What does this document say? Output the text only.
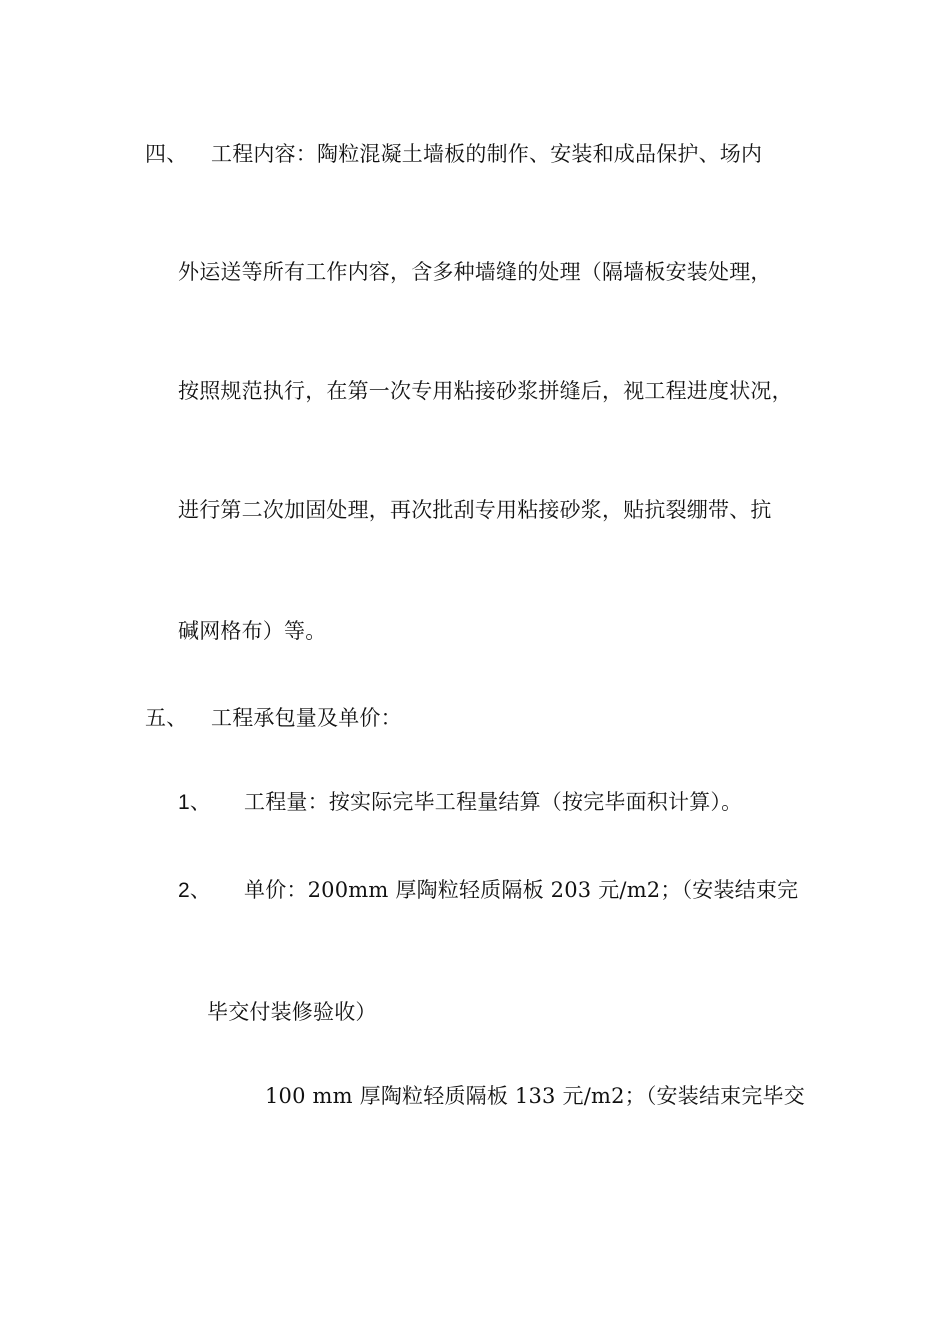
四、 工程内容：陶粒混凝土墙板的制作、安装和成品保护、场内
外运送等所有工作内容，含多种墙缝的处理（隔墙板安装处理，
按照规范执行，在第一次专用粘接砂浆拼缝后，视工程进度状况，
进行第二次加固处理，再次批刮专用粘接砂浆，贴抗裂绷带、抗
碱网格布）等。
五、 工程承包量及单价：
1、 工程量：按实际完毕工程量结算（按完毕面积计算）。
2、 单价：200mm 厚陶粒轻质隔板 203 元/m2；（安装结束完
毕交付装修验收）
100 mm 厚陶粒轻质隔板 133 元/m2；（安装结束完毕交
